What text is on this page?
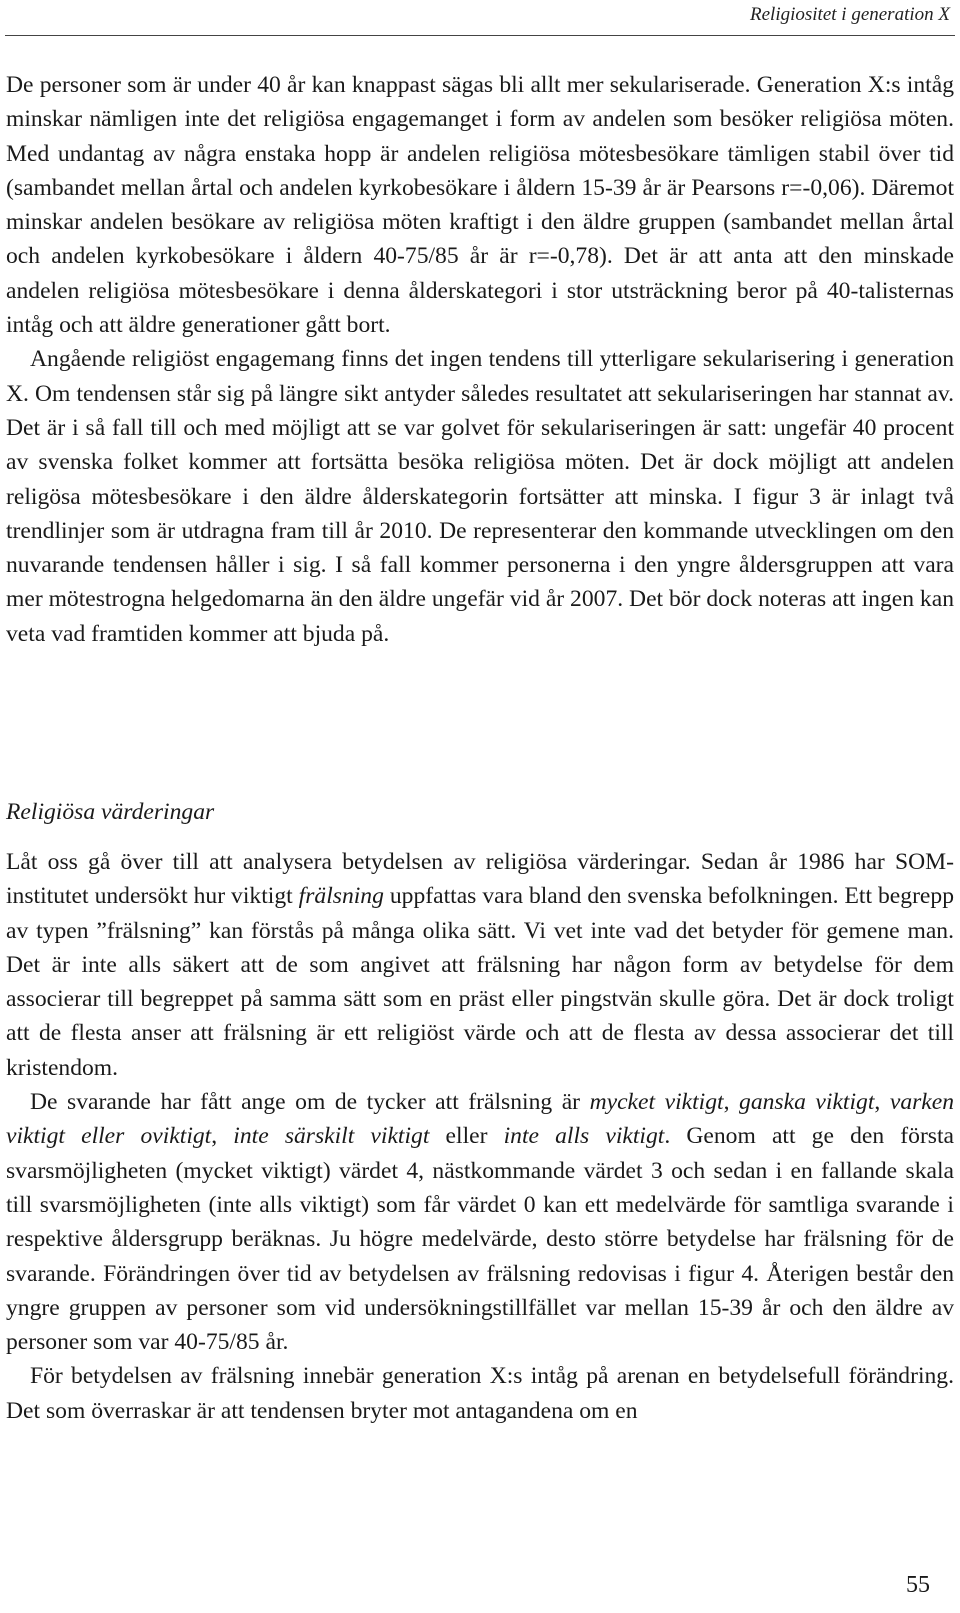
Religiositet i generation X

De personer som är under 40 år kan knappast sägas bli allt mer sekulariserade. Generation X:s intåg minskar nämligen inte det religiösa engagemanget i form av andelen som besöker religiösa möten. Med undantag av några enstaka hopp är andelen religiösa mötesbesökare tämligen stabil över tid (sambandet mellan årtal och andelen kyrkobesökare i åldern 15-39 år är Pearsons r=-0,06). Däremot minskar andelen besökare av religiösa möten kraftigt i den äldre gruppen (sambandet mellan årtal och andelen kyrkobesökare i åldern 40-75/85 år är r=-0,78). Det är att anta att den minskade andelen religiösa mötesbesökare i denna ålderskategori i stor utsträckning beror på 40-talisternas intåg och att äldre generationer gått bort.

Angående religiöst engagemang finns det ingen tendens till ytterligare sekularisering i generation X. Om tendensen står sig på längre sikt antyder således resultatet att sekulariseringen har stannat av. Det är i så fall till och med möjligt att se var golvet för sekulariseringen är satt: ungefär 40 procent av svenska folket kommer att fortsätta besöka religiösa möten. Det är dock möjligt att andelen religösa mötesbesökare i den äldre ålderskategorin fortsätter att minska. I figur 3 är inlagt två trendlinjer som är utdragna fram till år 2010. De representerar den kommande utvecklingen om den nuvarande tendensen håller i sig. I så fall kommer personerna i den yngre åldersgruppen att vara mer mötestrogna helgedomarna än den äldre ungefär vid år 2007. Det bör dock noteras att ingen kan veta vad framtiden kommer att bjuda på.

Religiösa värderingar

Låt oss gå över till att analysera betydelsen av religiösa värderingar. Sedan år 1986 har SOM-institutet undersökt hur viktigt frälsning uppfattas vara bland den svenska befolkningen. Ett begrepp av typen ”frälsning” kan förstås på många olika sätt. Vi vet inte vad det betyder för gemene man. Det är inte alls säkert att de som angivet att frälsning har någon form av betydelse för dem associerar till begreppet på samma sätt som en präst eller pingstvän skulle göra. Det är dock troligt att de flesta anser att frälsning är ett religiöst värde och att de flesta av dessa associerar det till kristendom.

De svarande har fått ange om de tycker att frälsning är mycket viktigt, ganska viktigt, varken viktigt eller oviktigt, inte särskilt viktigt eller inte alls viktigt. Genom att ge den första svarsmöjligheten (mycket viktigt) värdet 4, nästkommande värdet 3 och sedan i en fallande skala till svarsmöjligheten (inte alls viktigt) som får värdet 0 kan ett medelvärde för samtliga svarande i respektive åldersgrupp beräknas. Ju högre medelvärde, desto större betydelse har frälsning för de svarande. Förändringen över tid av betydelsen av frälsning redovisas i figur 4. Återigen består den yngre gruppen av personer som vid undersökningstillfället var mellan 15-39 år och den äldre av personer som var 40-75/85 år.

För betydelsen av frälsning innebär generation X:s intåg på arenan en betydelsefull förändring. Det som överraskar är att tendensen bryter mot antagandena om en

55
